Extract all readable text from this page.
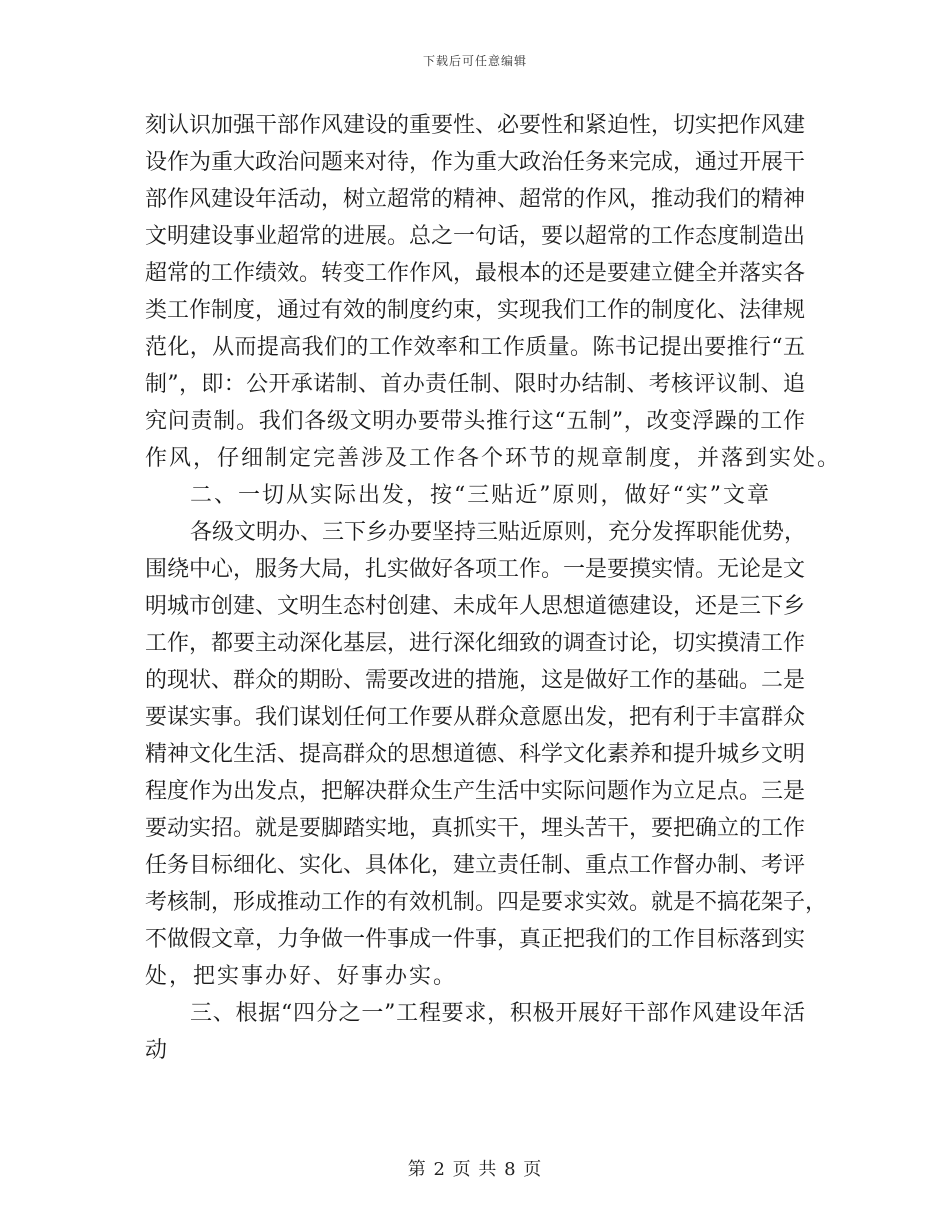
下载后可任意编辑
刻认识加强干部作风建设的重要性、必要性和紧迫性，切实把作风建
设作为重大政治问题来对待，作为重大政治任务来完成，通过开展干
部作风建设年活动，树立超常的精神、超常的作风，推动我们的精神
文明建设事业超常的进展。总之一句话，要以超常的工作态度制造出
超常的工作绩效。转变工作作风，最根本的还是要建立健全并落实各
类工作制度，通过有效的制度约束，实现我们工作的制度化、法律规
范化，从而提高我们的工作效率和工作质量。陈书记提出要推行“五
制”，即：公开承诺制、首办责任制、限时办结制、考核评议制、追
究问责制。我们各级文明办要带头推行这“五制”，改变浮躁的工作
作风，仔细制定完善涉及工作各个环节的规章制度，并落到实处。
二、一切从实际出发，按“三贴近”原则，做好“实”文章
各级文明办、三下乡办要坚持三贴近原则，充分发挥职能优势，
围绕中心，服务大局，扎实做好各项工作。一是要摸实情。无论是文
明城市创建、文明生态村创建、未成年人思想道德建设，还是三下乡
工作，都要主动深化基层，进行深化细致的调查讨论，切实摸清工作
的现状、群众的期盼、需要改进的措施，这是做好工作的基础。二是
要谋实事。我们谋划任何工作要从群众意愿出发，把有利于丰富群众
精神文化生活、提高群众的思想道德、科学文化素养和提升城乡文明
程度作为出发点，把解决群众生产生活中实际问题作为立足点。三是
要动实招。就是要脚踏实地，真抓实干，埋头苦干，要把确立的工作
任务目标细化、实化、具体化，建立责任制、重点工作督办制、考评
考核制，形成推动工作的有效机制。四是要求实效。就是不搞花架子，
不做假文章，力争做一件事成一件事，真正把我们的工作目标落到实
处，把实事办好、好事办实。
三、根据“四分之一”工程要求，积极开展好干部作风建设年活
动
第 2 页 共 8 页
